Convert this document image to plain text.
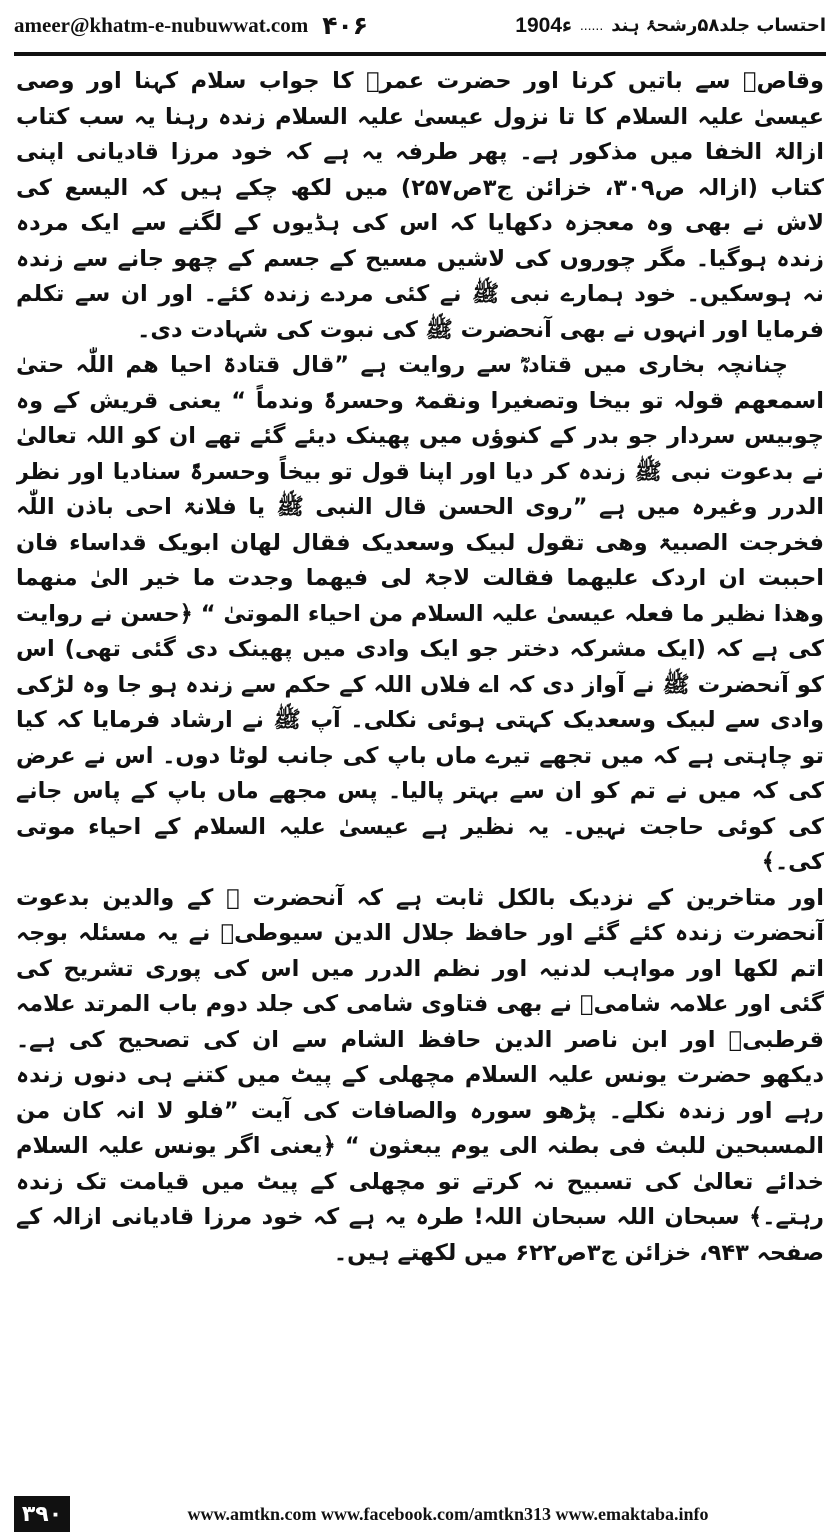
ameer@khatm-e-nubuwwat.com ۴۰۶	احتساب جلد۵۸رشحۂ ہند
......
1904ء

وقاصؓ سے باتیں کرنا اور حضرت عمرؓ کا جواب سلام کہنا اور وصی عیسیٰ علیہ السلام کا تا نزول عیسیٰ علیہ السلام زندہ رہنا یہ سب کتاب ازالۃ الخفا میں مذکور ہے۔ پھر طرفہ یہ ہے کہ خود مرزا قادیانی اپنی کتاب (ازالہ ص۳۰۹، خزائن ج۳ص۲۵۷) میں لکھ چکے ہیں کہ الیسع کی لاش نے بھی وہ معجزہ دکھایا کہ اس کی ہڈیوں کے لگنے سے ایک مردہ زندہ ہوگیا۔ مگر چوروں کی لاشیں مسیح کے جسم کے چھو جانے سے زندہ نہ ہوسکیں۔ خود ہمارے نبی ﷺ نے کئی مردے زندہ کئے۔ اور ان سے تکلم فرمایا اور انہوں نے بھی آنحضرت ﷺ کی نبوت کی شہادت دی۔

چنانچہ بخاری میں قتادہؓ سے روایت ہے ”قال قتادۃ احیا ھم اللّٰہ حتیٰ اسمعھم قولہ تو بیخا وتصغیرا ونقمۃ وحسرۃً وندماً “ یعنی قریش کے وہ چوبیس سردار جو بدر کے کنوؤں میں پھینک دیئے گئے تھے ان کو اللہ تعالیٰ نے بدعوت نبی ﷺ زندہ کر دیا اور اپنا قول تو بیخاً وحسرۃً سنادیا اور نظر الدرر وغیرہ میں ہے ”روی الحسن قال النبی ﷺ یا فلانۃ احی باذن اللّٰہ فخرجت الصبیۃ وھی تقول لبیک وسعدیک فقال لھان ابویک قداساء فان احببت ان اردک علیھما فقالت لاجۃ لی فیھما وجدت ما خیر الیٰ منھما وھذا نظیر ما فعلہ عیسیٰ علیہ السلام من احیاء الموتیٰ “ ﴿حسن نے روایت کی ہے کہ (ایک مشرکہ دختر جو ایک وادی میں پھینک دی گئی تھی) اس کو آنحضرت ﷺ نے آواز دی کہ اے فلاں اللہ کے حکم سے زندہ ہو جا وہ لڑکی وادی سے لبیک وسعدیک کہتی ہوئی نکلی۔ آپ ﷺ نے ارشاد فرمایا کہ کیا تو چاہتی ہے کہ میں تجھے تیرے ماں باپ کی جانب لوٹا دوں۔ اس نے عرض کی کہ میں نے تم کو ان سے بہتر پالیا۔ پس مجھے ماں باپ کے پاس جانے کی کوئی حاجت نہیں۔ یہ نظیر ہے عیسیٰ علیہ السلام کے احیاء موتی کی۔﴾

اور متاخرین کے نزدیک بالکل ثابت ہے کہ آنحضرت ﷺ کے والدین بدعوت آنحضرت زندہ کئے گئے اور حافظ جلال الدین سیوطیؒ نے یہ مسئلہ بوجہ اتم لکھا اور مواہب لدنیہ اور نظم الدرر میں اس کی پوری تشریح کی گئی اور علامہ شامیؒ نے بھی فتاوی شامی کی جلد دوم باب المرتد علامہ قرطبیؒ اور ابن ناصر الدین حافظ الشام سے ان کی تصحیح کی ہے۔ دیکھو حضرت یونس علیہ السلام مچھلی کے پیٹ میں کتنے ہی دنوں زندہ رہے اور زندہ نکلے۔ پڑھو سورہ والصافات کی آیت ”فلو لا انہ کان من المسبحین للبث فی بطنہ الی یوم یبعثون “ ﴿یعنی اگر یونس علیہ السلام خدائے تعالیٰ کی تسبیح نہ کرتے تو مچھلی کے پیٹ میں قیامت تک زندہ رہتے۔﴾ سبحان اللہ سبحان اللہ! طرہ یہ ہے کہ خود مرزا قادیانی ازالہ کے صفحہ ۹۴۳، خزائن ج۳ص۶۲۲ میں لکھتے ہیں۔

۳۹۰	www.amtkn.com www.facebook.com/amtkn313 www.emaktaba.info
